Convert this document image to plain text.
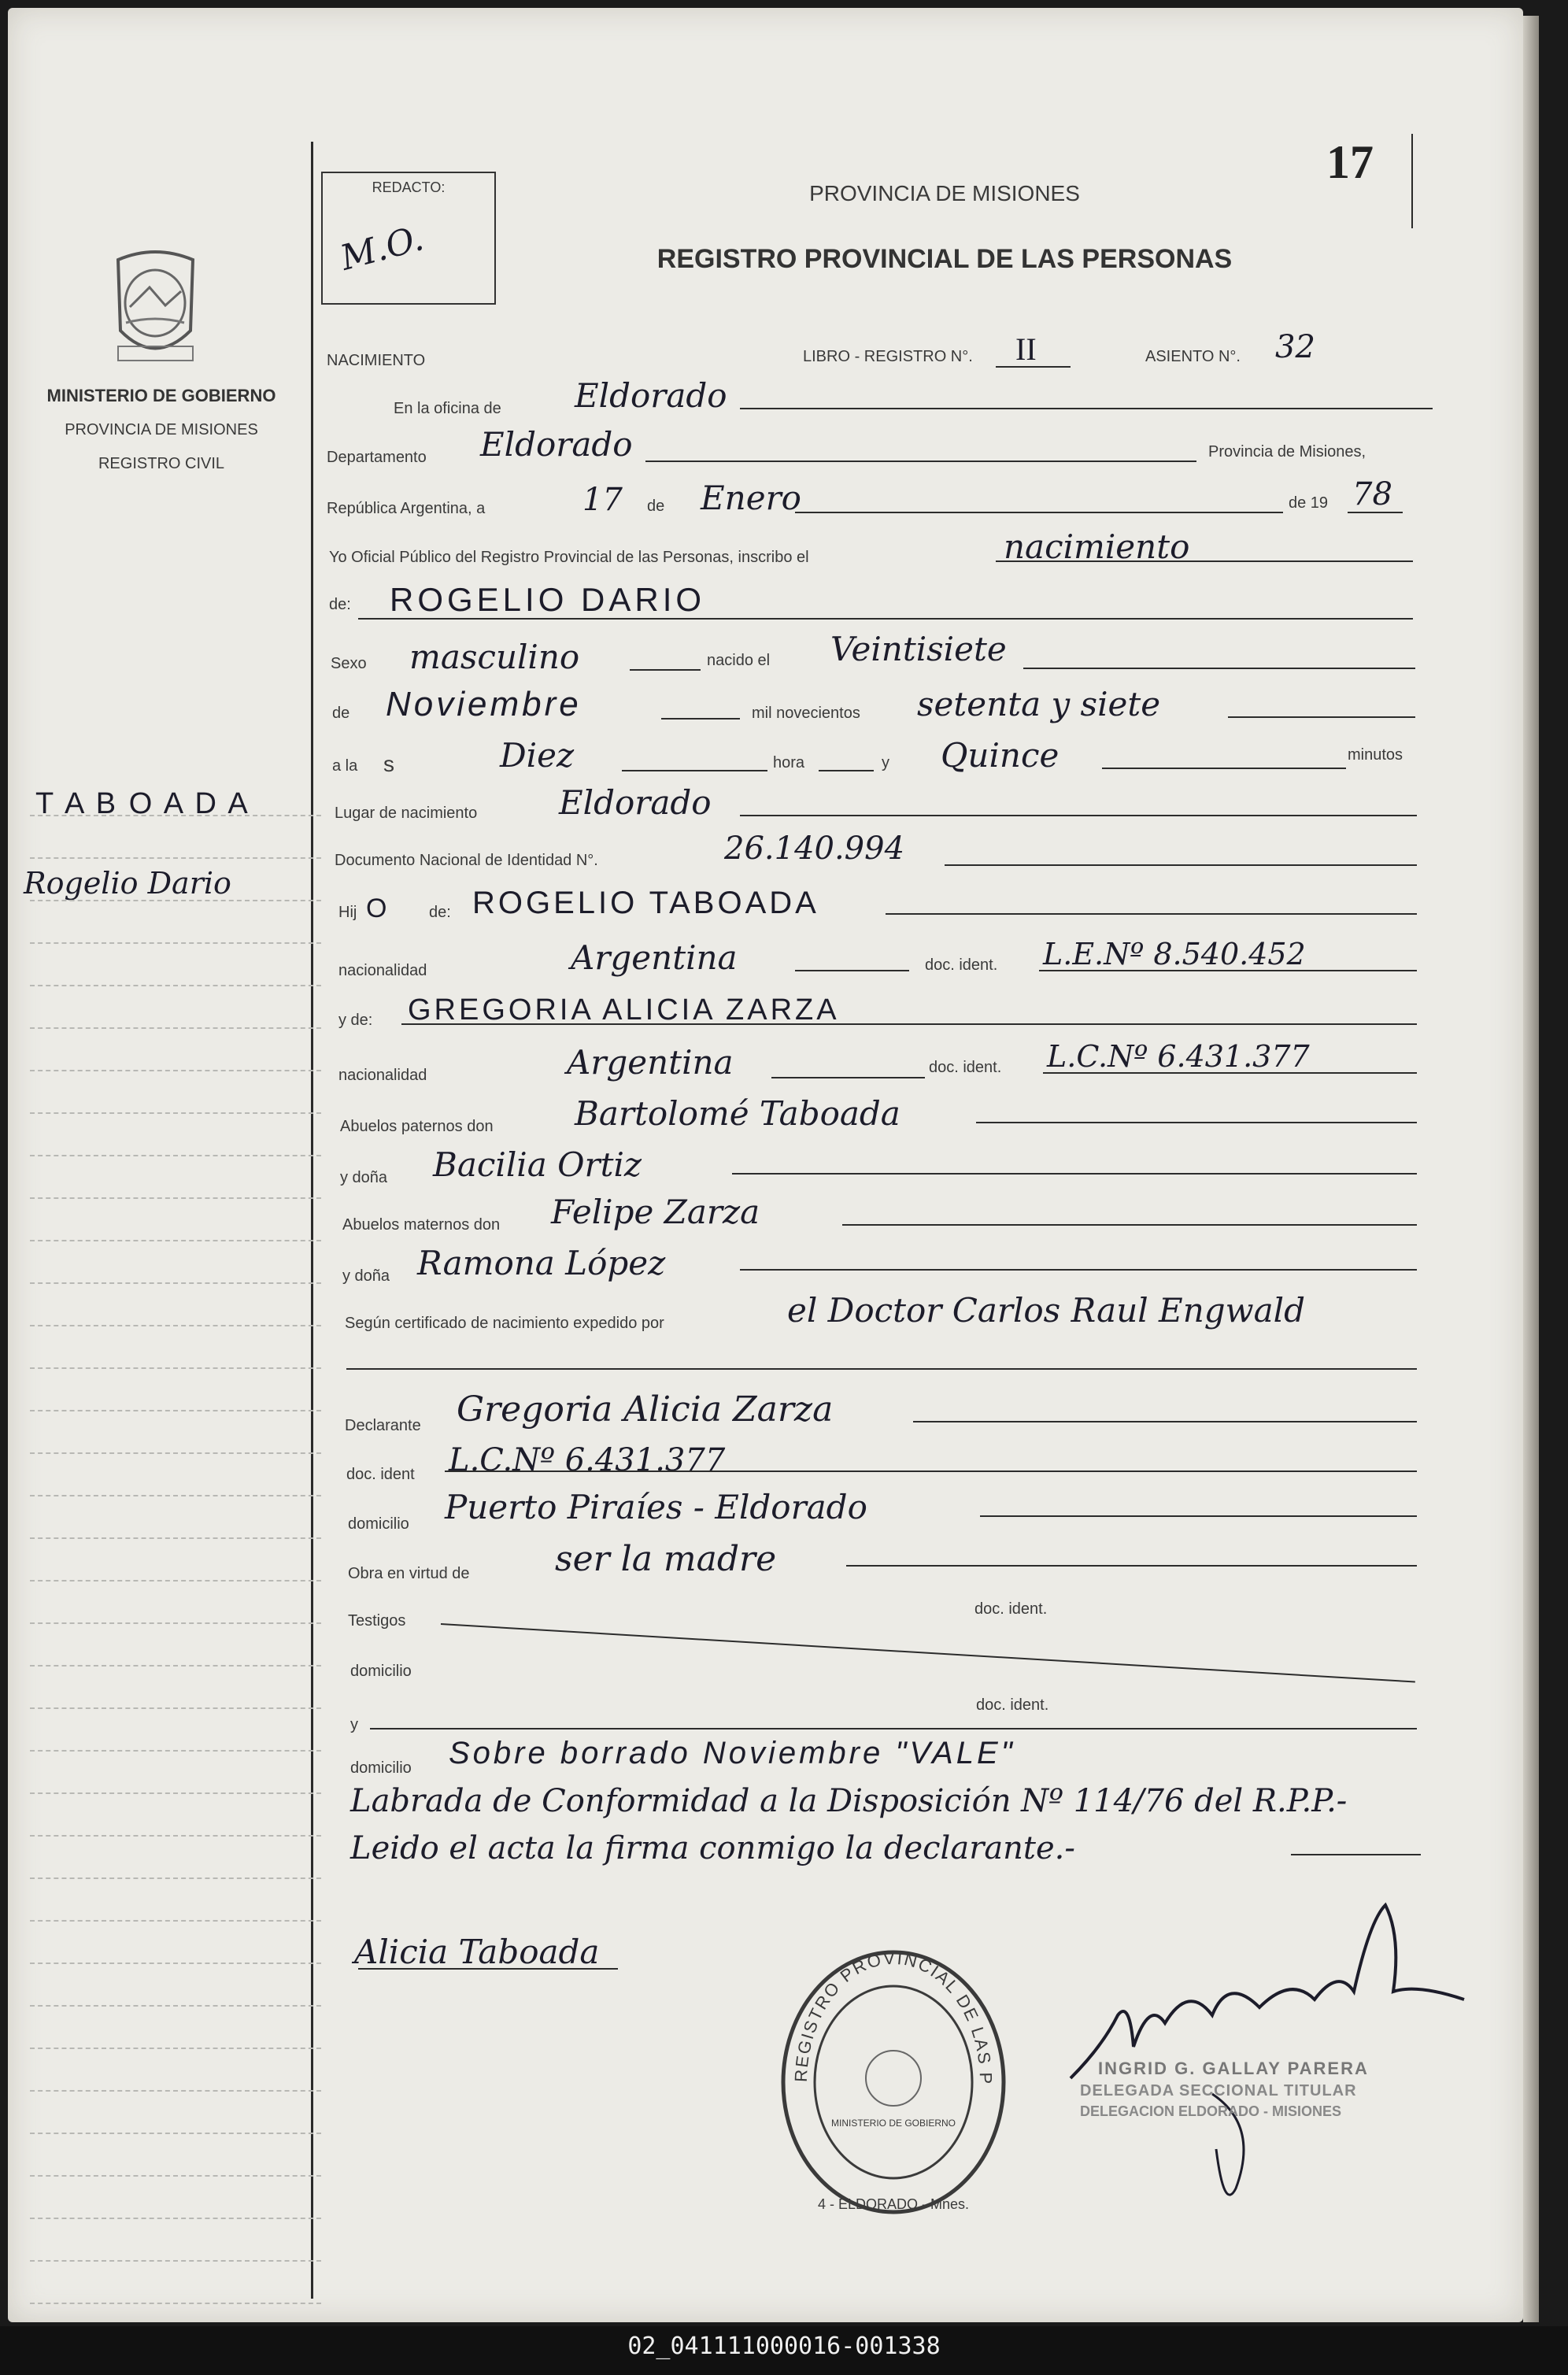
MINISTERIO DE GOBIERNO
PROVINCIA DE MISIONES
REGISTRO CIVIL
T A B O A D A
Rogelio Dario
REDACTO:
M.O.
17
PROVINCIA DE MISIONES
REGISTRO PROVINCIAL DE LAS PERSONAS
NACIMIENTO	LIBRO - REGISTRO N°. II	ASIENTO N°. 32
En la oficina de Eldorado
Departamento Eldorado	Provincia de Misiones,
República Argentina, a	17 de Enero	de 19 78
Yo Oficial Público del Registro Provincial de las Personas, inscribo el	nacimiento
de: ROGELIO DARIO
Sexo masculino	nacido el Veintisiete
de Noviembre	mil novecientos setenta y siete
a la s	Diez	hora	y Quince	minutos
Lugar de nacimiento Eldorado
Documento Nacional de Identidad N°.	26.140.994
Hij O	de: ROGELIO TABOADA
nacionalidad	Argentina	doc. ident. L.E.Nº 8.540.452
y de: GREGORIA ALICIA ZARZA
nacionalidad	Argentina	doc. ident. L.C.Nº 6.431.377
Abuelos paternos don Bartolomé Taboada
y doña Bacilia Ortiz
Abuelos maternos don Felipe Zarza
y doña Ramona López
Según certificado de nacimiento expedido por	el Doctor Carlos Raul Engwald
Declarante Gregoria Alicia Zarza
doc. ident L.C.Nº 6.431.377
domicilio Puerto Piraíes - Eldorado
Obra en virtud de ser la madre
Testigos
doc. ident.
domicilio
y
doc. ident.
domicilio Sobre borrado Noviembre "VALE"
Labrada de Conformidad a la Disposición Nº 114/76 del R.P.P.-
Leido el acta la firma conmigo la declarante.-
Alicia Taboada
REGISTRO PROVINCIAL DE LAS P
MINISTERIO DE GOBIERNO
4 - ELDORADO - Mnes.
INGRID G. GALLAY PARERA
DELEGADA SECCIONAL TITULAR
DELEGACION ELDORADO - MISIONES
02_041111000016-001338
